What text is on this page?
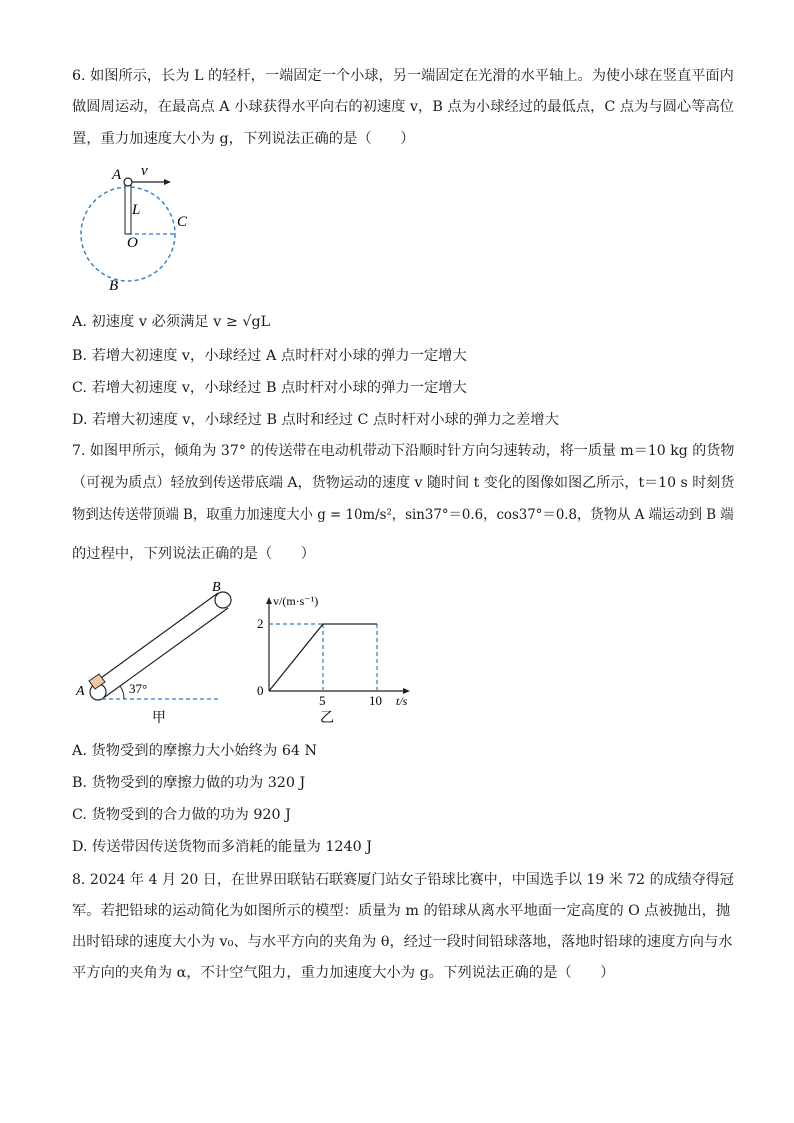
6. 如图所示，长为 L 的轻杆，一端固定一个小球，另一端固定在光滑的水平轴上。为使小球在竖直平面内
做圆周运动，在最高点 A 小球获得水平向右的初速度 v，B 点为小球经过的最低点，C 点为与圆心等高位
置，重力加速度大小为 g，下列说法正确的是（　　）
A v
L
C
O
B
A. 初速度 v 必须满足 v ≥ √gL
B. 若增大初速度 v，小球经过 A 点时杆对小球的弹力一定增大
C. 若增大初速度 v，小球经过 B 点时杆对小球的弹力一定增大
D. 若增大初速度 v，小球经过 B 点时和经过 C 点时杆对小球的弹力之差增大
7. 如图甲所示，倾角为 37° 的传送带在电动机带动下沿顺时针方向匀速转动，将一质量 m＝10 kg 的货物
（可视为质点）轻放到传送带底端 A，货物运动的速度 v 随时间 t 变化的图像如图乙所示，t＝10 s 时刻货
物到达传送带顶端 B，取重力加速度大小 g = 10m/s²，sin37°＝0.6，cos37°＝0.8，货物从 A 端运动到 B 端
的过程中，下列说法正确的是（　　）
A
B
37°
甲
v/(m·s⁻¹)
2
0
5	10 t/s
乙
A. 货物受到的摩擦力大小始终为 64 N
B. 货物受到的摩擦力做的功为 320 J
C. 货物受到的合力做的功为 920 J
D. 传送带因传送货物而多消耗的能量为 1240 J
8. 2024 年 4 月 20 日，在世界田联钻石联赛厦门站女子铅球比赛中，中国选手以 19 米 72 的成绩夺得冠
军。若把铅球的运动简化为如图所示的模型：质量为 m 的铅球从离水平地面一定高度的 O 点被抛出，抛
出时铅球的速度大小为 v₀、与水平方向的夹角为 θ，经过一段时间铅球落地，落地时铅球的速度方向与水
平方向的夹角为 α，不计空气阻力，重力加速度大小为 g。下列说法正确的是（　　）
